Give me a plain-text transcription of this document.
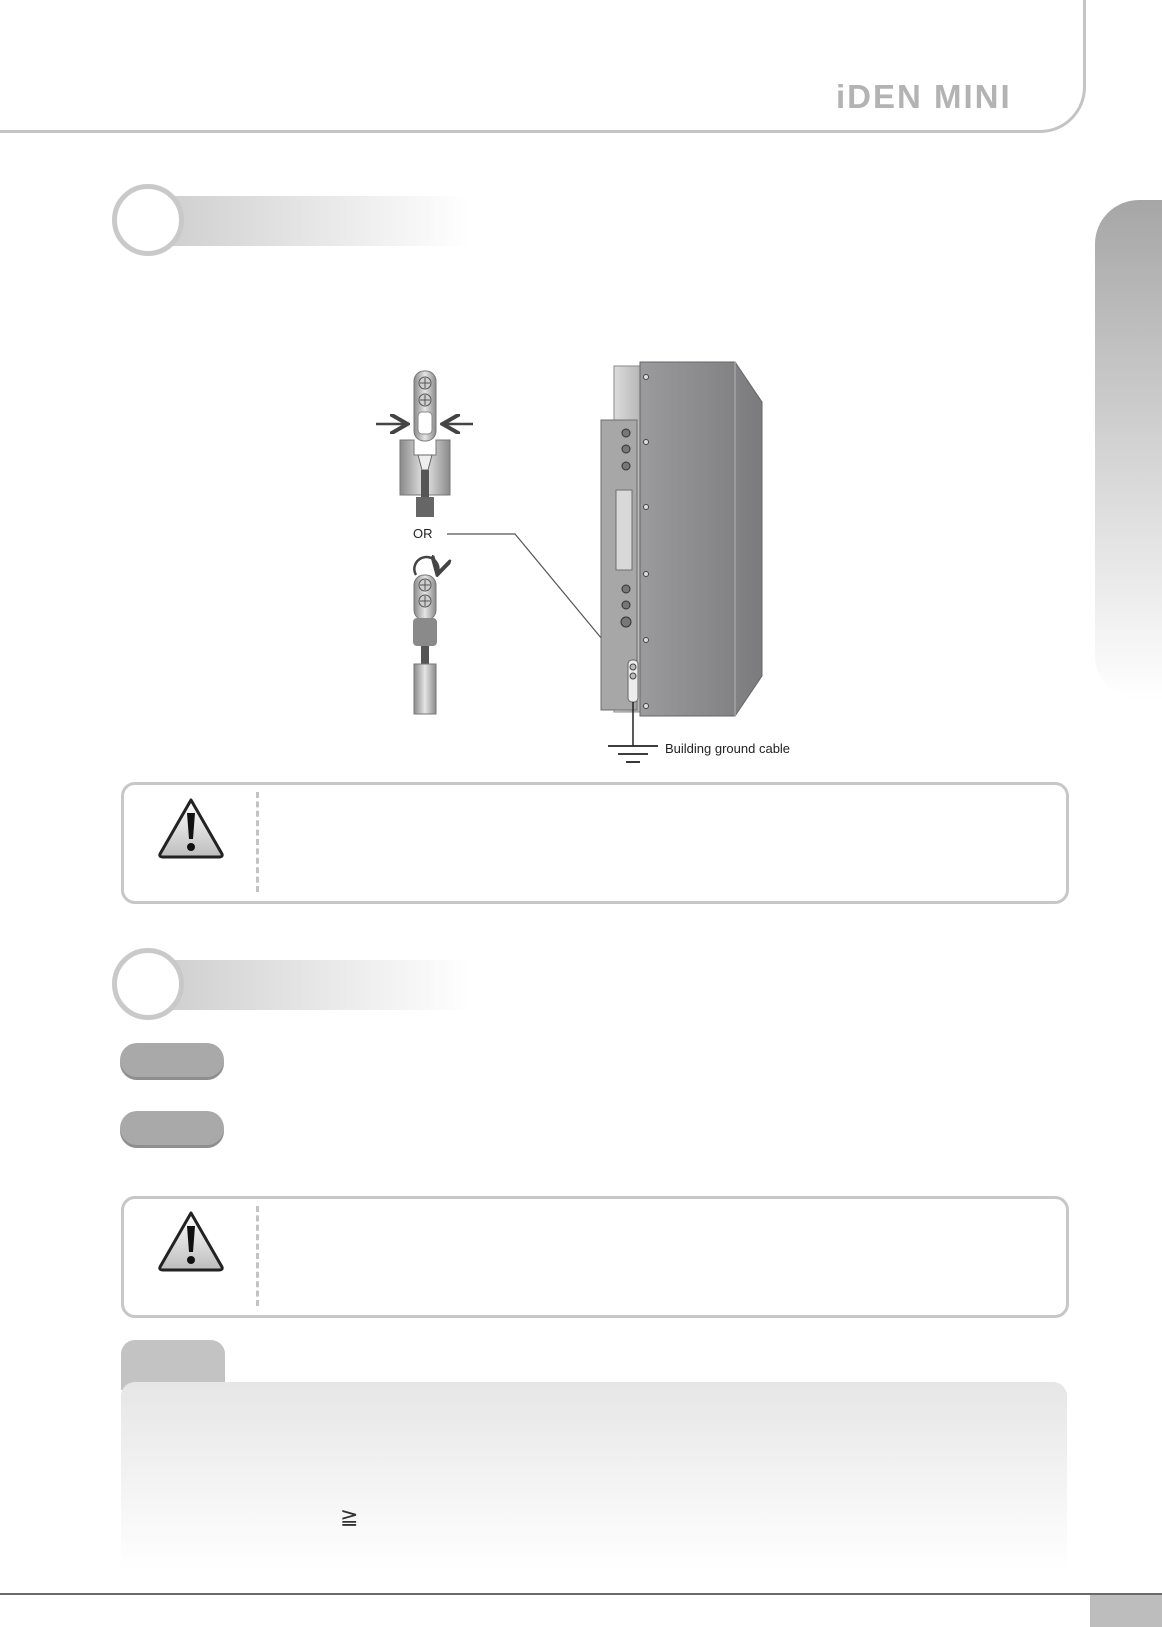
iDEN MINI
OR
Building ground cable
≧
